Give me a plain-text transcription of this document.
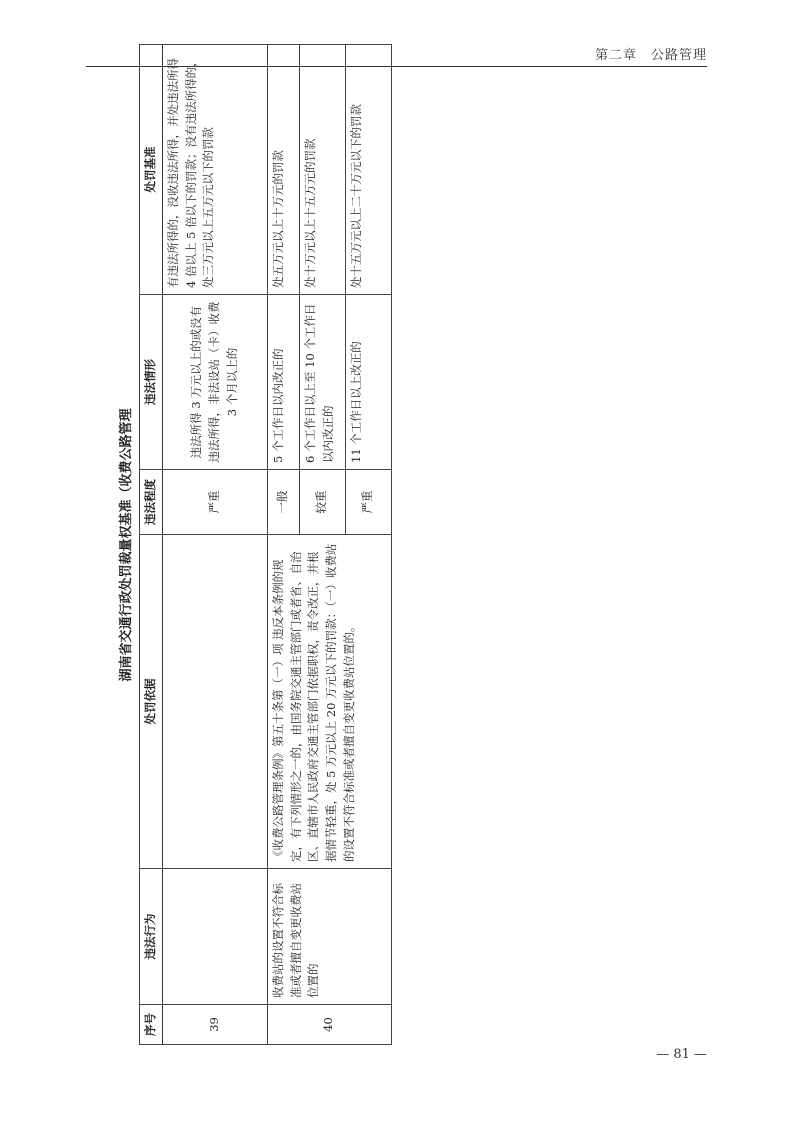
第二章　公路管理
湖南省交通行政处罚裁量权基准（收费公路管理
序号	违法行为	处罚依据	违法程度	违法情形	处罚基准
39			严重	违法所得 3 万元以上的或没有违法所得，非法设站（卡）收费 3 个月以上的	有违法所得的，没收违法所得，并处违法所得 4 倍以上 5 倍以下的罚款；没有违法所得的，处三万元以上五万元以下的罚款
40	收费站的设置不符合标准或者擅自变更收费站位置的	《收费公路管理条例》第五十条第（一）项 违反本条例的规定，有下列情形之一的，由国务院交通主管部门或者省、自治区、直辖市人民政府交通主管部门依据职权，责令改正，并根据情节轻重，处 5 万元以上 20 万元以下的罚款：（一）收费站的设置不符合标准或者擅自变更收费站位置的。	一般	5 个工作日以内改正的	处五万元以上十万元的罚款
			较重	6 个工作日以上至 10 个工作日以内改正的	处十万元以上十五万元的罚款
			严重	11 个工作日以上改正的	处十五万元以上二十万元以下的罚款
— 81 —
